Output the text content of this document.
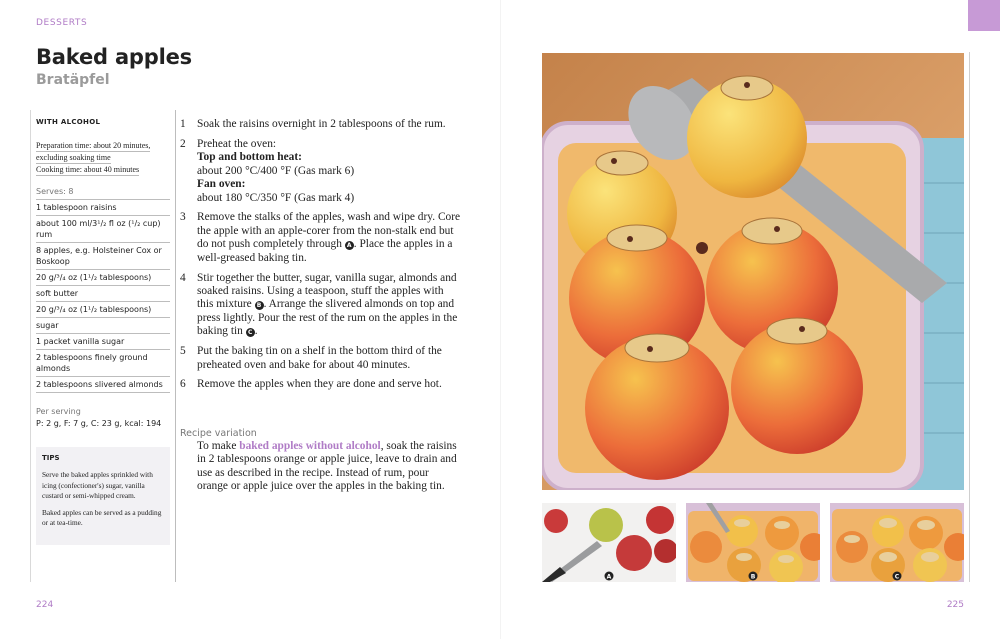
DESSERTS
Baked apples
Bratäpfel
WITH ALCOHOL
Preparation time: about 20 minutes,
excluding soaking time
Cooking time: about 40 minutes
Serves: 8
1 tablespoon raisins
about 100 ml/3¹/₂ fl oz (¹/₂ cup) rum
8 apples, e.g. Holsteiner Cox or Boskoop
20 g/³/₄ oz (1¹/₂ tablespoons)
soft butter
20 g/³/₄ oz (1¹/₂ tablespoons)
sugar
1 packet vanilla sugar
2 tablespoons finely ground almonds
2 tablespoons slivered almonds
Per serving
P: 2 g, F: 7 g, C: 23 g, kcal: 194
TIPS

Serve the baked apples sprinkled with icing (confectioner's) sugar, vanilla custard or semi-whipped cream.

Baked apples can be served as a pudding or at tea-time.

1 Soak the raisins overnight in 2 tablespoons of the rum.
2 Preheat the oven:
Top and bottom heat:
about 200 °C/400 °F (Gas mark 6)
Fan oven:
about 180 °C/350 °F (Gas mark 4)
3 Remove the stalks of the apples, wash and wipe dry. Core the apple with an apple-corer from the non-stalk end but do not push completely through A . Place the apples in a well-greased baking tin.
4 Stir together the butter, sugar, vanilla sugar, almonds and soaked raisins. Using a teaspoon, stuff the apples with this mixture B . Arrange the slivered almonds on top and press lightly. Pour the rest of the rum on the apples in the baking tin C .
5 Put the baking tin on a shelf in the bottom third of the preheated oven and bake for about 40 minutes.
6 Remove the apples when they are done and serve hot.
Recipe variation
To make baked apples without alcohol, soak the raisins in 2 tablespoons orange or apple juice, leave to drain and use as described in the recipe. Instead of rum, pour orange or apple juice over the apples in the baking tin.
224	225
A	B	C
